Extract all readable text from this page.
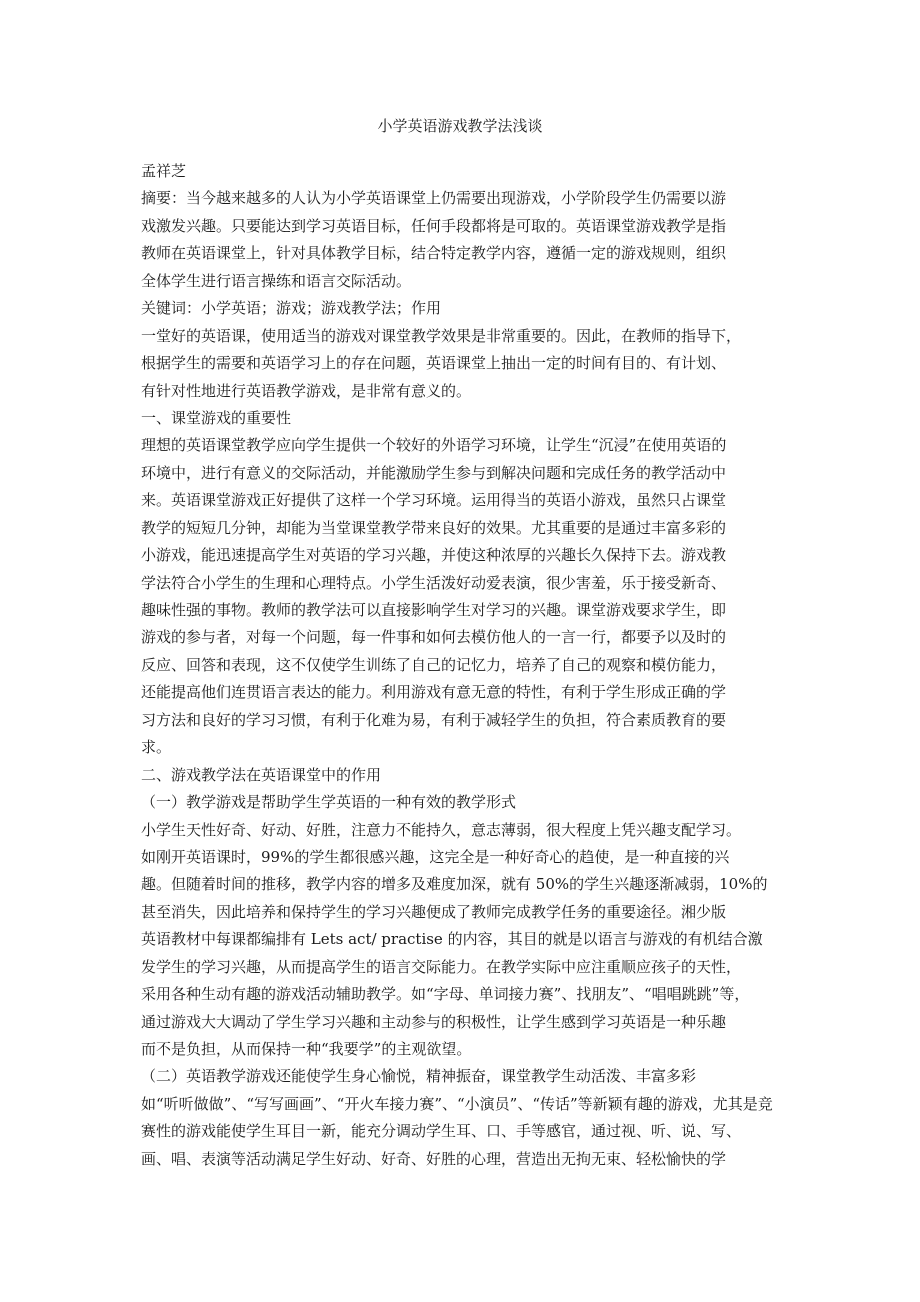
小学英语游戏教学法浅谈

孟祥芝

摘要：当今越来越多的人认为小学英语课堂上仍需要出现游戏，小学阶段学生仍需要以游

戏激发兴趣。只要能达到学习英语目标，任何手段都将是可取的。英语课堂游戏教学是指

教师在英语课堂上，针对具体教学目标，结合特定教学内容，遵循一定的游戏规则，组织

全体学生进行语言操练和语言交际活动。

关键词：小学英语；游戏；游戏教学法；作用

一堂好的英语课，使用适当的游戏对课堂教学效果是非常重要的。因此，在教师的指导下，

根据学生的需要和英语学习上的存在问题，英语课堂上抽出一定的时间有目的、有计划、

有针对性地进行英语教学游戏，是非常有意义的。

一、课堂游戏的重要性

理想的英语课堂教学应向学生提供一个较好的外语学习环境，让学生“沉浸”在使用英语的

环境中，进行有意义的交际活动，并能激励学生参与到解决问题和完成任务的教学活动中

来。英语课堂游戏正好提供了这样一个学习环境。运用得当的英语小游戏，虽然只占课堂

教学的短短几分钟，却能为当堂课堂教学带来良好的效果。尤其重要的是通过丰富多彩的

小游戏，能迅速提高学生对英语的学习兴趣，并使这种浓厚的兴趣长久保持下去。游戏教

学法符合小学生的生理和心理特点。小学生活泼好动爱表演，很少害羞，乐于接受新奇、

趣味性强的事物。教师的教学法可以直接影响学生对学习的兴趣。课堂游戏要求学生，即

游戏的参与者，对每一个问题，每一件事和如何去模仿他人的一言一行，都要予以及时的

反应、回答和表现，这不仅使学生训练了自己的记忆力，培养了自己的观察和模仿能力，

还能提高他们连贯语言表达的能力。利用游戏有意无意的特性，有利于学生形成正确的学

习方法和良好的学习习惯，有利于化难为易，有利于减轻学生的负担，符合素质教育的要

求。

二、游戏教学法在英语课堂中的作用

（一）教学游戏是帮助学生学英语的一种有效的教学形式

小学生天性好奇、好动、好胜，注意力不能持久，意志薄弱，很大程度上凭兴趣支配学习。

如刚开英语课时，99%的学生都很感兴趣，这完全是一种好奇心的趋使，是一种直接的兴

趣。但随着时间的推移，教学内容的增多及难度加深，就有 50%的学生兴趣逐渐减弱，10%的

甚至消失，因此培养和保持学生的学习兴趣便成了教师完成教学任务的重要途径。湘少版

英语教材中每课都编排有 Lets act/ practise 的内容，其目的就是以语言与游戏的有机结合激

发学生的学习兴趣，从而提高学生的语言交际能力。在教学实际中应注重顺应孩子的天性，

采用各种生动有趣的游戏活动辅助教学。如“字母、单词接力赛”、找朋友”、“唱唱跳跳”等，

通过游戏大大调动了学生学习兴趣和主动参与的积极性，让学生感到学习英语是一种乐趣

而不是负担，从而保持一种“我要学”的主观欲望。

（二）英语教学游戏还能使学生身心愉悦，精神振奋，课堂教学生动活泼、丰富多彩

如“听听做做”、“写写画画”、“开火车接力赛”、“小演员”、“传话”等新颖有趣的游戏，尤其是竞

赛性的游戏能使学生耳目一新，能充分调动学生耳、口、手等感官，通过视、听、说、写、

画、唱、表演等活动满足学生好动、好奇、好胜的心理，营造出无拘无束、轻松愉快的学
